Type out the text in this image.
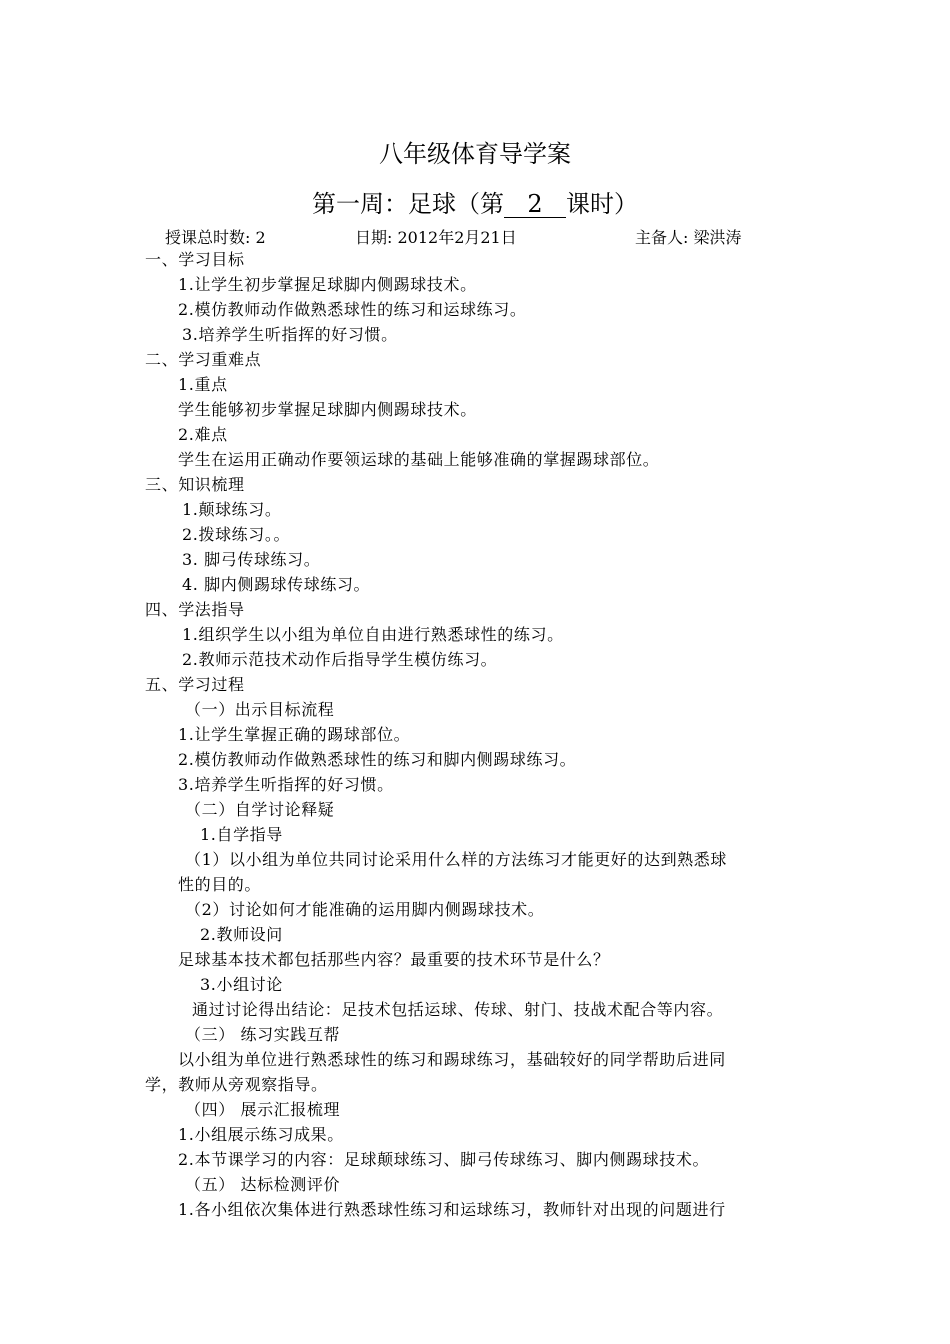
八年级体育导学案
第一周：足球（第 2 课时）
授课总时数: 2	日期: 2012年2月21日	主备人: 梁洪涛
一、学习目标
1.让学生初步掌握足球脚内侧踢球技术。
2.模仿教师动作做熟悉球性的练习和运球练习。
3.培养学生听指挥的好习惯。
二、学习重难点
1.重点
学生能够初步掌握足球脚内侧踢球技术。
2.难点
学生在运用正确动作要领运球的基础上能够准确的掌握踢球部位。
三、知识梳理
1.颠球练习。
2.拨球练习。。
3. 脚弓传球练习。
4. 脚内侧踢球传球练习。
四、学法指导
1.组织学生以小组为单位自由进行熟悉球性的练习。
2.教师示范技术动作后指导学生模仿练习。
五、学习过程
（一）出示目标流程
1.让学生掌握正确的踢球部位。
2.模仿教师动作做熟悉球性的练习和脚内侧踢球练习。
3.培养学生听指挥的好习惯。
（二）自学讨论释疑
1.自学指导
（1）以小组为单位共同讨论采用什么样的方法练习才能更好的达到熟悉球
性的目的。
（2）讨论如何才能准确的运用脚内侧踢球技术。
2.教师设问
足球基本技术都包括那些内容？最重要的技术环节是什么？
3.小组讨论
通过讨论得出结论：足技术包括运球、传球、射门、技战术配合等内容。
（三） 练习实践互帮
以小组为单位进行熟悉球性的练习和踢球练习，基础较好的同学帮助后进同
学，教师从旁观察指导。
（四） 展示汇报梳理
1.小组展示练习成果。
2.本节课学习的内容：足球颠球练习、脚弓传球练习、脚内侧踢球技术。
（五） 达标检测评价
1.各小组依次集体进行熟悉球性练习和运球练习，教师针对出现的问题进行
